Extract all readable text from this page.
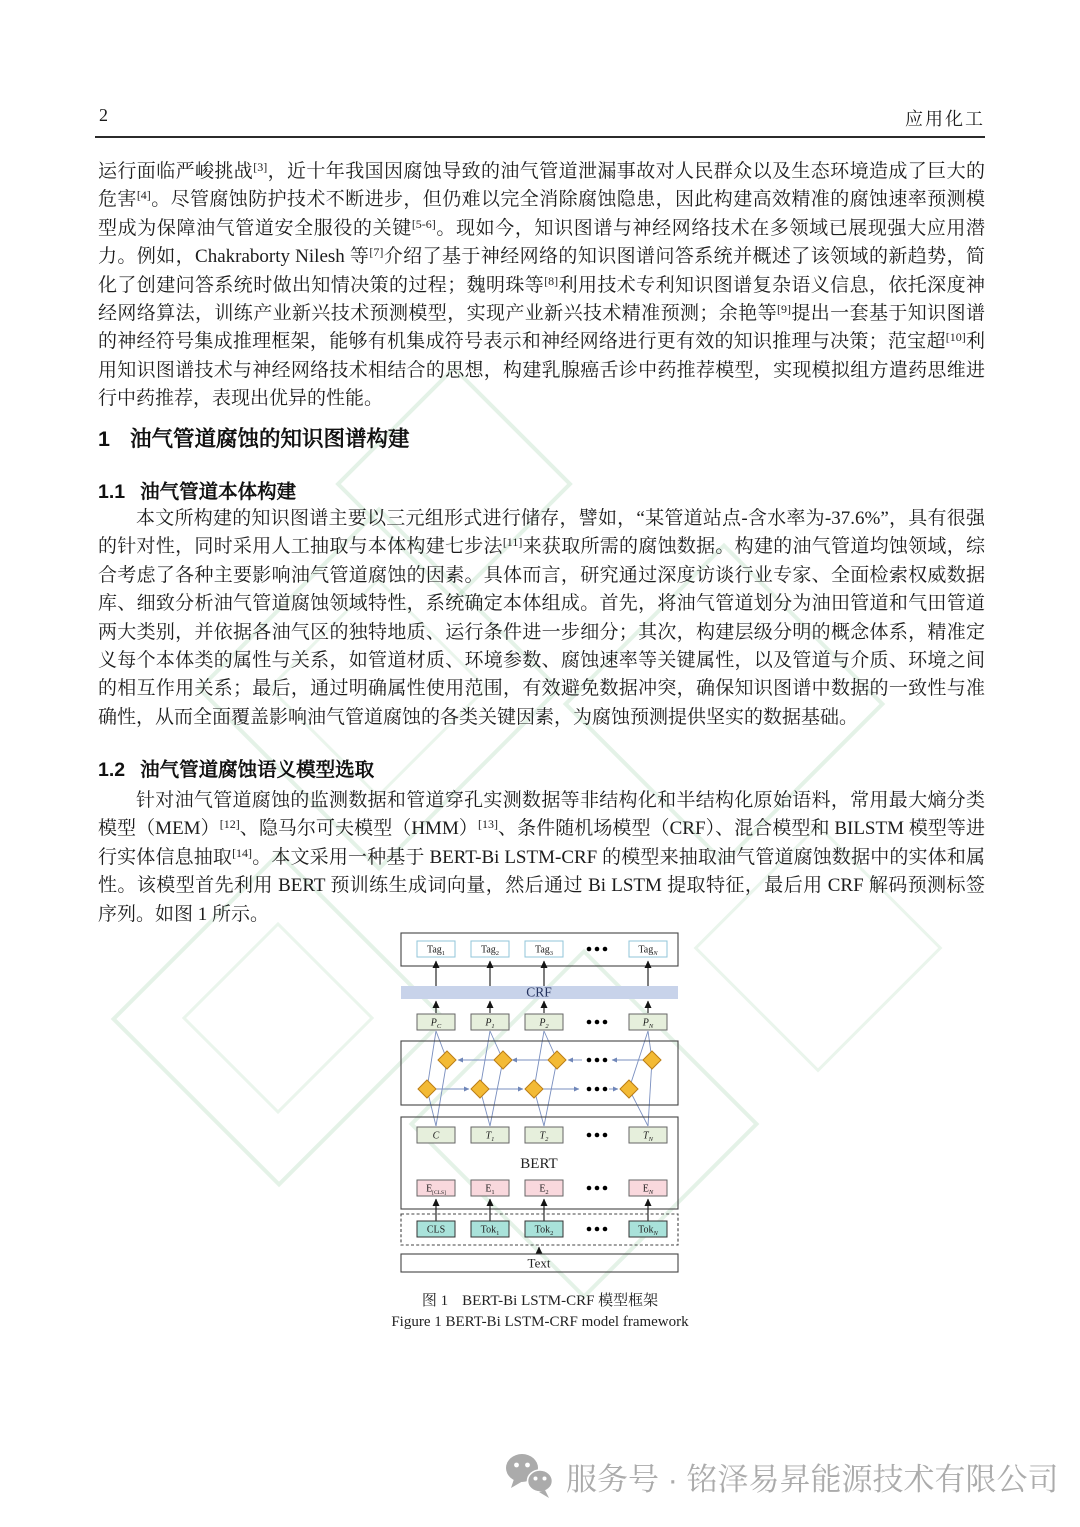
2	应用化工

运行面临严峻挑战[3]，近十年我国因腐蚀导致的油气管道泄漏事故对人民群众以及生态环境造成了巨大的危害[4]。尽管腐蚀防护技术不断进步，但仍难以完全消除腐蚀隐患，因此构建高效精准的腐蚀速率预测模型成为保障油气管道安全服役的关键[5-6]。现如今，知识图谱与神经网络技术在多领域已展现强大应用潜力。例如，Chakraborty Nilesh 等[7]介绍了基于神经网络的知识图谱问答系统并概述了该领域的新趋势，简化了创建问答系统时做出知情决策的过程；魏明珠等[8]利用技术专利知识图谱复杂语义信息，依托深度神经网络算法，训练产业新兴技术预测模型，实现产业新兴技术精准预测；余艳等[9]提出一套基于知识图谱的神经符号集成推理框架，能够有机集成符号表示和神经网络进行更有效的知识推理与决策；范宝超[10]利用知识图谱技术与神经网络技术相结合的思想，构建乳腺癌舌诊中药推荐模型，实现模拟组方遣药思维进行中药推荐，表现出优异的性能。

1 油气管道腐蚀的知识图谱构建
1.1 油气管道本体构建

本文所构建的知识图谱主要以三元组形式进行储存，譬如，“某管道站点-含水率为-37.6%”，具有很强的针对性，同时采用人工抽取与本体构建七步法[11]来获取所需的腐蚀数据。构建的油气管道均蚀领域，综合考虑了各种主要影响油气管道腐蚀的因素。具体而言，研究通过深度访谈行业专家、全面检索权威数据库、细致分析油气管道腐蚀领域特性，系统确定本体组成。首先，将油气管道划分为油田管道和气田管道两大类别，并依据各油气区的独特地质、运行条件进一步细分；其次，构建层级分明的概念体系，精准定义每个本体类的属性与关系，如管道材质、环境参数、腐蚀速率等关键属性，以及管道与介质、环境之间的相互作用关系；最后，通过明确属性使用范围，有效避免数据冲突，确保知识图谱中数据的一致性与准确性，从而全面覆盖影响油气管道腐蚀的各类关键因素，为腐蚀预测提供坚实的数据基础。

1.2 油气管道腐蚀语义模型选取

针对油气管道腐蚀的监测数据和管道穿孔实测数据等非结构化和半结构化原始语料，常用最大熵分类模型（MEM）[12]、隐马尔可夫模型（HMM）[13]、条件随机场模型（CRF）、混合模型和 BILSTM 模型等进行实体信息抽取[14]。本文采用一种基于 BERT-Bi LSTM-CRF 的模型来抽取油气管道腐蚀数据中的实体和属性。该模型首先利用 BERT 预训练生成词向量，然后通过 Bi LSTM 提取特征，最后用 CRF 解码预测标签序列。如图 1 所示。

Tag$_1$	Tag$_2$	Tag$_3$	Tag$_N$
CRF
$P_C$	$P_1$	$P_2$	$P_N$
C	$T_1$	$T_2$	$T_N$
BERT
$E_{[CLS]}$	$E_1$	$E_2$	$E_N$
CLS	Tok$_1$	Tok$_2$	Tok$_N$
Text
图 1 BERT-Bi LSTM-CRF 模型框架
Figure 1 BERT-Bi LSTM-CRF model framework
服务号 · 铭泽易昇能源技术有限公司
